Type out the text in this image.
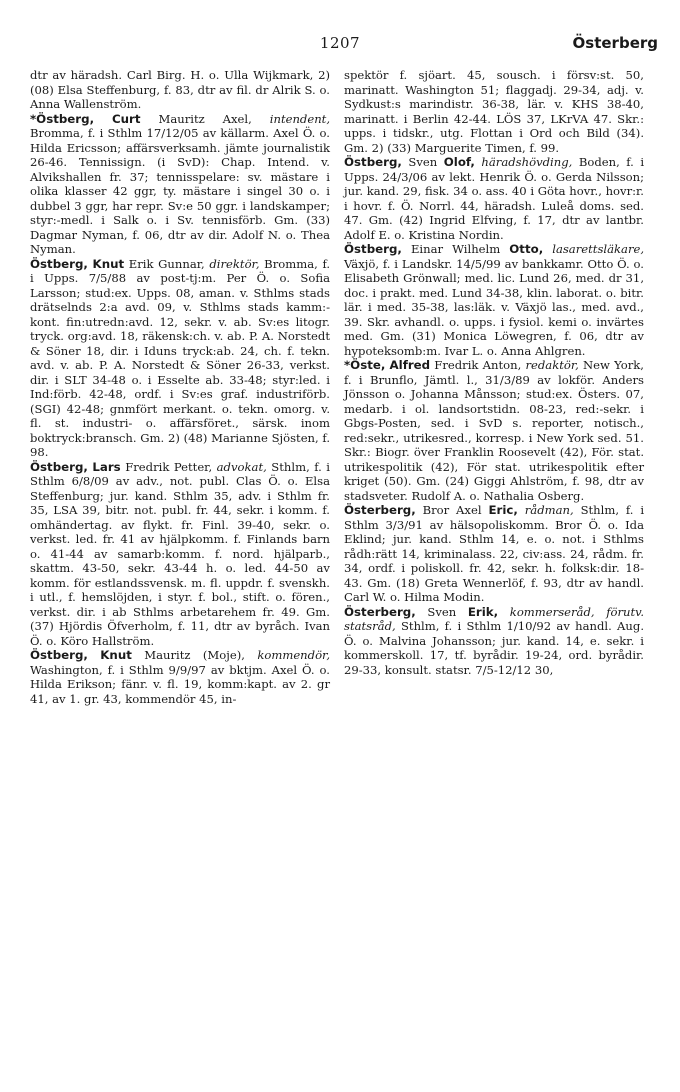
1207	Österberg

dtr av häradsh. Carl Birg. H. o. Ulla Wijkmark, 2) (08) Elsa Steffenburg, f. 83, dtr av fil. dr Alrik S. o. Anna Wallenström.

*Östberg, Curt Mauritz Axel, intendent, Bromma, f. i Sthlm 17/12/05 av källarm. Axel Ö. o. Hilda Ericsson; affärsverksamh. jämte journalistik 26-46. Tennissign. (i SvD): Chap. Intend. v. Alvikshallen fr. 37; tennisspelare: sv. mästare i olika klasser 42 ggr, ty. mästare i singel 30 o. i dubbel 3 ggr, har repr. Sv:e 50 ggr. i landskamper; styr:-medl. i Salk o. i Sv. tennisförb. Gm. (33) Dagmar Nyman, f. 06, dtr av dir. Adolf N. o. Thea Nyman.

Östberg, Knut Erik Gunnar, direktör, Bromma, f. i Upps. 7/5/88 av post-tj:m. Per Ö. o. Sofia Larsson; stud:ex. Upps. 08, aman. v. Sthlms stads drätselnds 2:a avd. 09, v. Sthlms stads kamm:-kont. fin:utredn:avd. 12, sekr. v. ab. Sv:es litogr. tryck. org:avd. 18, räkensk:ch. v. ab. P. A. Norstedt & Söner 18, dir. i Iduns tryck:ab. 24, ch. f. tekn. avd. v. ab. P. A. Norstedt & Söner 26-33, verkst. dir. i SLT 34-48 o. i Esselte ab. 33-48; styr:led. i Ind:förb. 42-48, ordf. i Sv:es graf. industriförb. (SGI) 42-48; gnmfört merkant. o. tekn. omorg. v. fl. st. industri- o. affärsföret., särsk. inom boktryck:bransch. Gm. 2) (48) Marianne Sjösten, f. 98.

Östberg, Lars Fredrik Petter, advokat, Sthlm, f. i Sthlm 6/8/09 av adv., not. publ. Clas Ö. o. Elsa Steffenburg; jur. kand. Sthlm 35, adv. i Sthlm fr. 35, LSA 39, bitr. not. publ. fr. 44, sekr. i komm. f. omhändertag. av flykt. fr. Finl. 39-40, sekr. o. verkst. led. fr. 41 av hjälpkomm. f. Finlands barn o. 41-44 av samarb:komm. f. nord. hjälparb., skattm. 43-50, sekr. 43-44 h. o. led. 44-50 av komm. för estlandssvensk. m. fl. uppdr. f. svenskh. i utl., f. hemslöjden, i styr. f. bol., stift. o. fören., verkst. dir. i ab Sthlms arbetarehem fr. 49. Gm. (37) Hjördis Öfverholm, f. 11, dtr av byråch. Ivan Ö. o. Köro Hallström.

Östberg, Knut Mauritz (Moje), kommendör, Washington, f. i Sthlm 9/9/97 av bktjm. Axel Ö. o. Hilda Erikson; fänr. v. fl. 19, komm:kapt. av 2. gr 41, av 1. gr. 43, kommendör 45, in-

spektör f. sjöart. 45, sousch. i försv:st. 50, marinatt. Washington 51; flaggadj. 29-34, adj. v. Sydkust:s marindistr. 36-38, lär. v. KHS 38-40, marinatt. i Berlin 42-44. LÖS 37, LKrVA 47. Skr.: upps. i tidskr., utg. Flottan i Ord och Bild (34). Gm. 2) (33) Marguerite Timen, f. 99.

Östberg, Sven Olof, häradshövding, Boden, f. i Upps. 24/3/06 av lekt. Henrik Ö. o. Gerda Nilsson; jur. kand. 29, fisk. 34 o. ass. 40 i Göta hovr., hovr:r. i hovr. f. Ö. Norrl. 44, häradsh. Luleå doms. sed. 47. Gm. (42) Ingrid Elfving, f. 17, dtr av lantbr. Adolf E. o. Kristina Nordin.

Östberg, Einar Wilhelm Otto, lasarettsläkare, Växjö, f. i Landskr. 14/5/99 av bankkamr. Otto Ö. o. Elisabeth Grönwall; med. lic. Lund 26, med. dr 31, doc. i prakt. med. Lund 34-38, klin. laborat. o. bitr. lär. i med. 35-38, las:läk. v. Växjö las., med. avd., 39. Skr. avhandl. o. upps. i fysiol. kemi o. invärtes med. Gm. (31) Monica Löwegren, f. 06, dtr av hypoteksomb:m. Ivar L. o. Anna Ahlgren.

*Öste, Alfred Fredrik Anton, redaktör, New York, f. i Brunflo, Jämtl. l., 31/3/89 av lokför. Anders Jönsson o. Johanna Månsson; stud:ex. Östers. 07, medarb. i ol. landsortstidn. 08-23, red:-sekr. i Gbgs-Posten, sed. i SvD s. reporter, notisch., red:sekr., utrikesred., korresp. i New York sed. 51. Skr.: Biogr. över Franklin Roosevelt (42), För. stat. utrikespolitik (42), För stat. utrikespolitik efter kriget (50). Gm. (24) Giggi Ahlström, f. 98, dtr av stadsveter. Rudolf A. o. Nathalia Osberg.

Österberg, Bror Axel Eric, rådman, Sthlm, f. i Sthlm 3/3/91 av hälsopoliskomm. Bror Ö. o. Ida Eklind; jur. kand. Sthlm 14, e. o. not. i Sthlms rådh:rätt 14, kriminalass. 22, civ:ass. 24, rådm. fr. 34, ordf. i poliskoll. fr. 42, sekr. h. folksk:dir. 18-43. Gm. (18) Greta Wennerlöf, f. 93, dtr av handl. Carl W. o. Hilma Modin.

Österberg, Sven Erik, kommerseråd, förutv. statsråd, Sthlm, f. i Sthlm 1/10/92 av handl. Aug. Ö. o. Malvina Johansson; jur. kand. 14, e. sekr. i kommerskoll. 17, tf. byrådir. 19-24, ord. byrådir. 29-33, konsult. statsr. 7/5-12/12 30,
